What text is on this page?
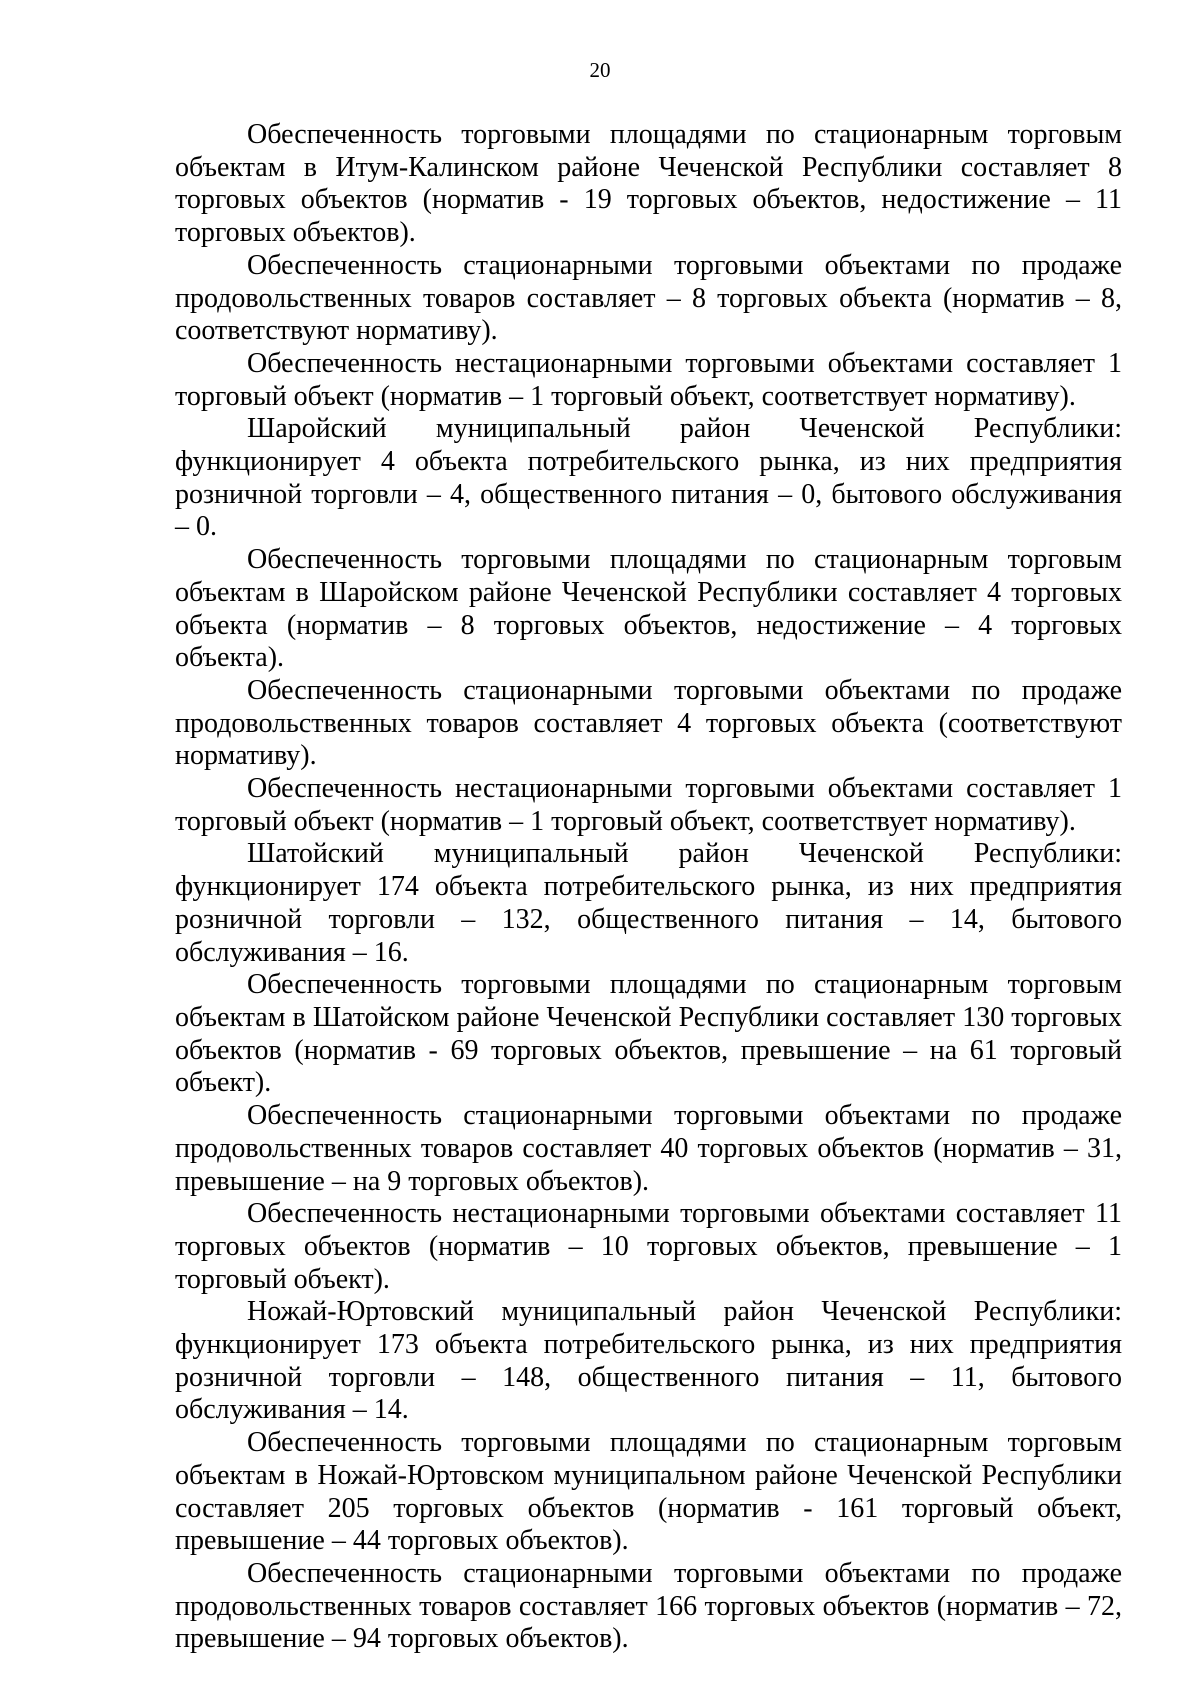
20

Обеспеченность торговыми площадями по стационарным торговым объектам в Итум-Калинском районе Чеченской Республики составляет 8 торговых объектов (норматив - 19 торговых объектов, недостижение – 11 торговых объектов).

Обеспеченность стационарными торговыми объектами по продаже продовольственных товаров составляет – 8 торговых объекта (норматив – 8, соответствуют нормативу).

Обеспеченность нестационарными торговыми объектами составляет 1 торговый объект (норматив – 1 торговый объект, соответствует нормативу).

Шаройский муниципальный район Чеченской Республики: функционирует 4 объекта потребительского рынка, из них предприятия розничной торговли – 4, общественного питания – 0, бытового обслуживания – 0.

Обеспеченность торговыми площадями по стационарным торговым объектам в Шаройском районе Чеченской Республики составляет 4 торговых объекта (норматив – 8 торговых объектов, недостижение – 4 торговых объекта).

Обеспеченность стационарными торговыми объектами по продаже продовольственных товаров составляет 4 торговых объекта (соответствуют нормативу).

Обеспеченность нестационарными торговыми объектами составляет 1 торговый объект (норматив – 1 торговый объект, соответствует нормативу).

Шатойский муниципальный район Чеченской Республики: функционирует 174 объекта потребительского рынка, из них предприятия розничной торговли – 132, общественного питания – 14, бытового обслуживания – 16.

Обеспеченность торговыми площадями по стационарным торговым объектам в Шатойском районе Чеченской Республики составляет 130 торговых объектов (норматив - 69 торговых объектов, превышение – на 61 торговый объект).

Обеспеченность стационарными торговыми объектами по продаже продовольственных товаров составляет 40 торговых объектов (норматив – 31, превышение – на 9 торговых объектов).

Обеспеченность нестационарными торговыми объектами составляет 11 торговых объектов (норматив – 10 торговых объектов, превышение – 1 торговый объект).

Ножай-Юртовский муниципальный район Чеченской Республики: функционирует 173 объекта потребительского рынка, из них предприятия розничной торговли – 148, общественного питания – 11, бытового обслуживания – 14.

Обеспеченность торговыми площадями по стационарным торговым объектам в Ножай-Юртовском муниципальном районе Чеченской Республики составляет 205 торговых объектов (норматив - 161 торговый объект, превышение – 44 торговых объектов).

Обеспеченность стационарными торговыми объектами по продаже продовольственных товаров составляет 166 торговых объектов (норматив – 72, превышение – 94 торговых объектов).
